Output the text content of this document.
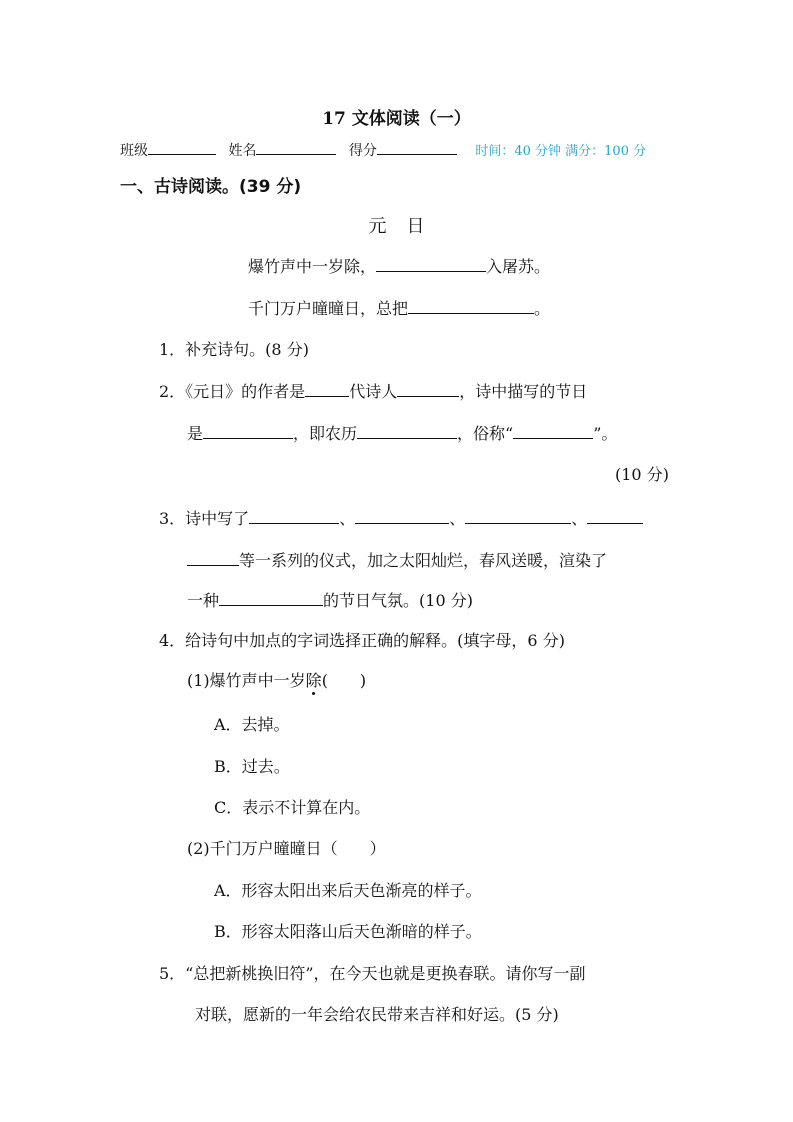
17 文体阅读（一）
班级	姓名	得分	时间：40 分钟 满分：100 分
一、古诗阅读。(39 分)
元日
爆竹声中一岁除，	入屠苏。
千门万户曈曈日，总把	。
1．补充诗句。(8 分)
2．《元日》的作者是	代诗人	，诗中描写的节日
是	，即农历	，俗称“	”。
(10 分)
3．诗中写了	、	、	、
等一系列的仪式，加之太阳灿烂，春风送暖，渲染了
一种	的节日气氛。(10 分)
4．给诗句中加点的字词选择正确的解释。(填字母，6 分)
(1)爆竹声中一岁除(　　)
A．去掉。
B．过去。
C．表示不计算在内。
(2)千门万户曈曈日（　　）
A．形容太阳出来后天色渐亮的样子。
B．形容太阳落山后天色渐暗的样子。
5．“总把新桃换旧符”，在今天也就是更换春联。请你写一副
对联，愿新的一年会给农民带来吉祥和好运。(5 分)
